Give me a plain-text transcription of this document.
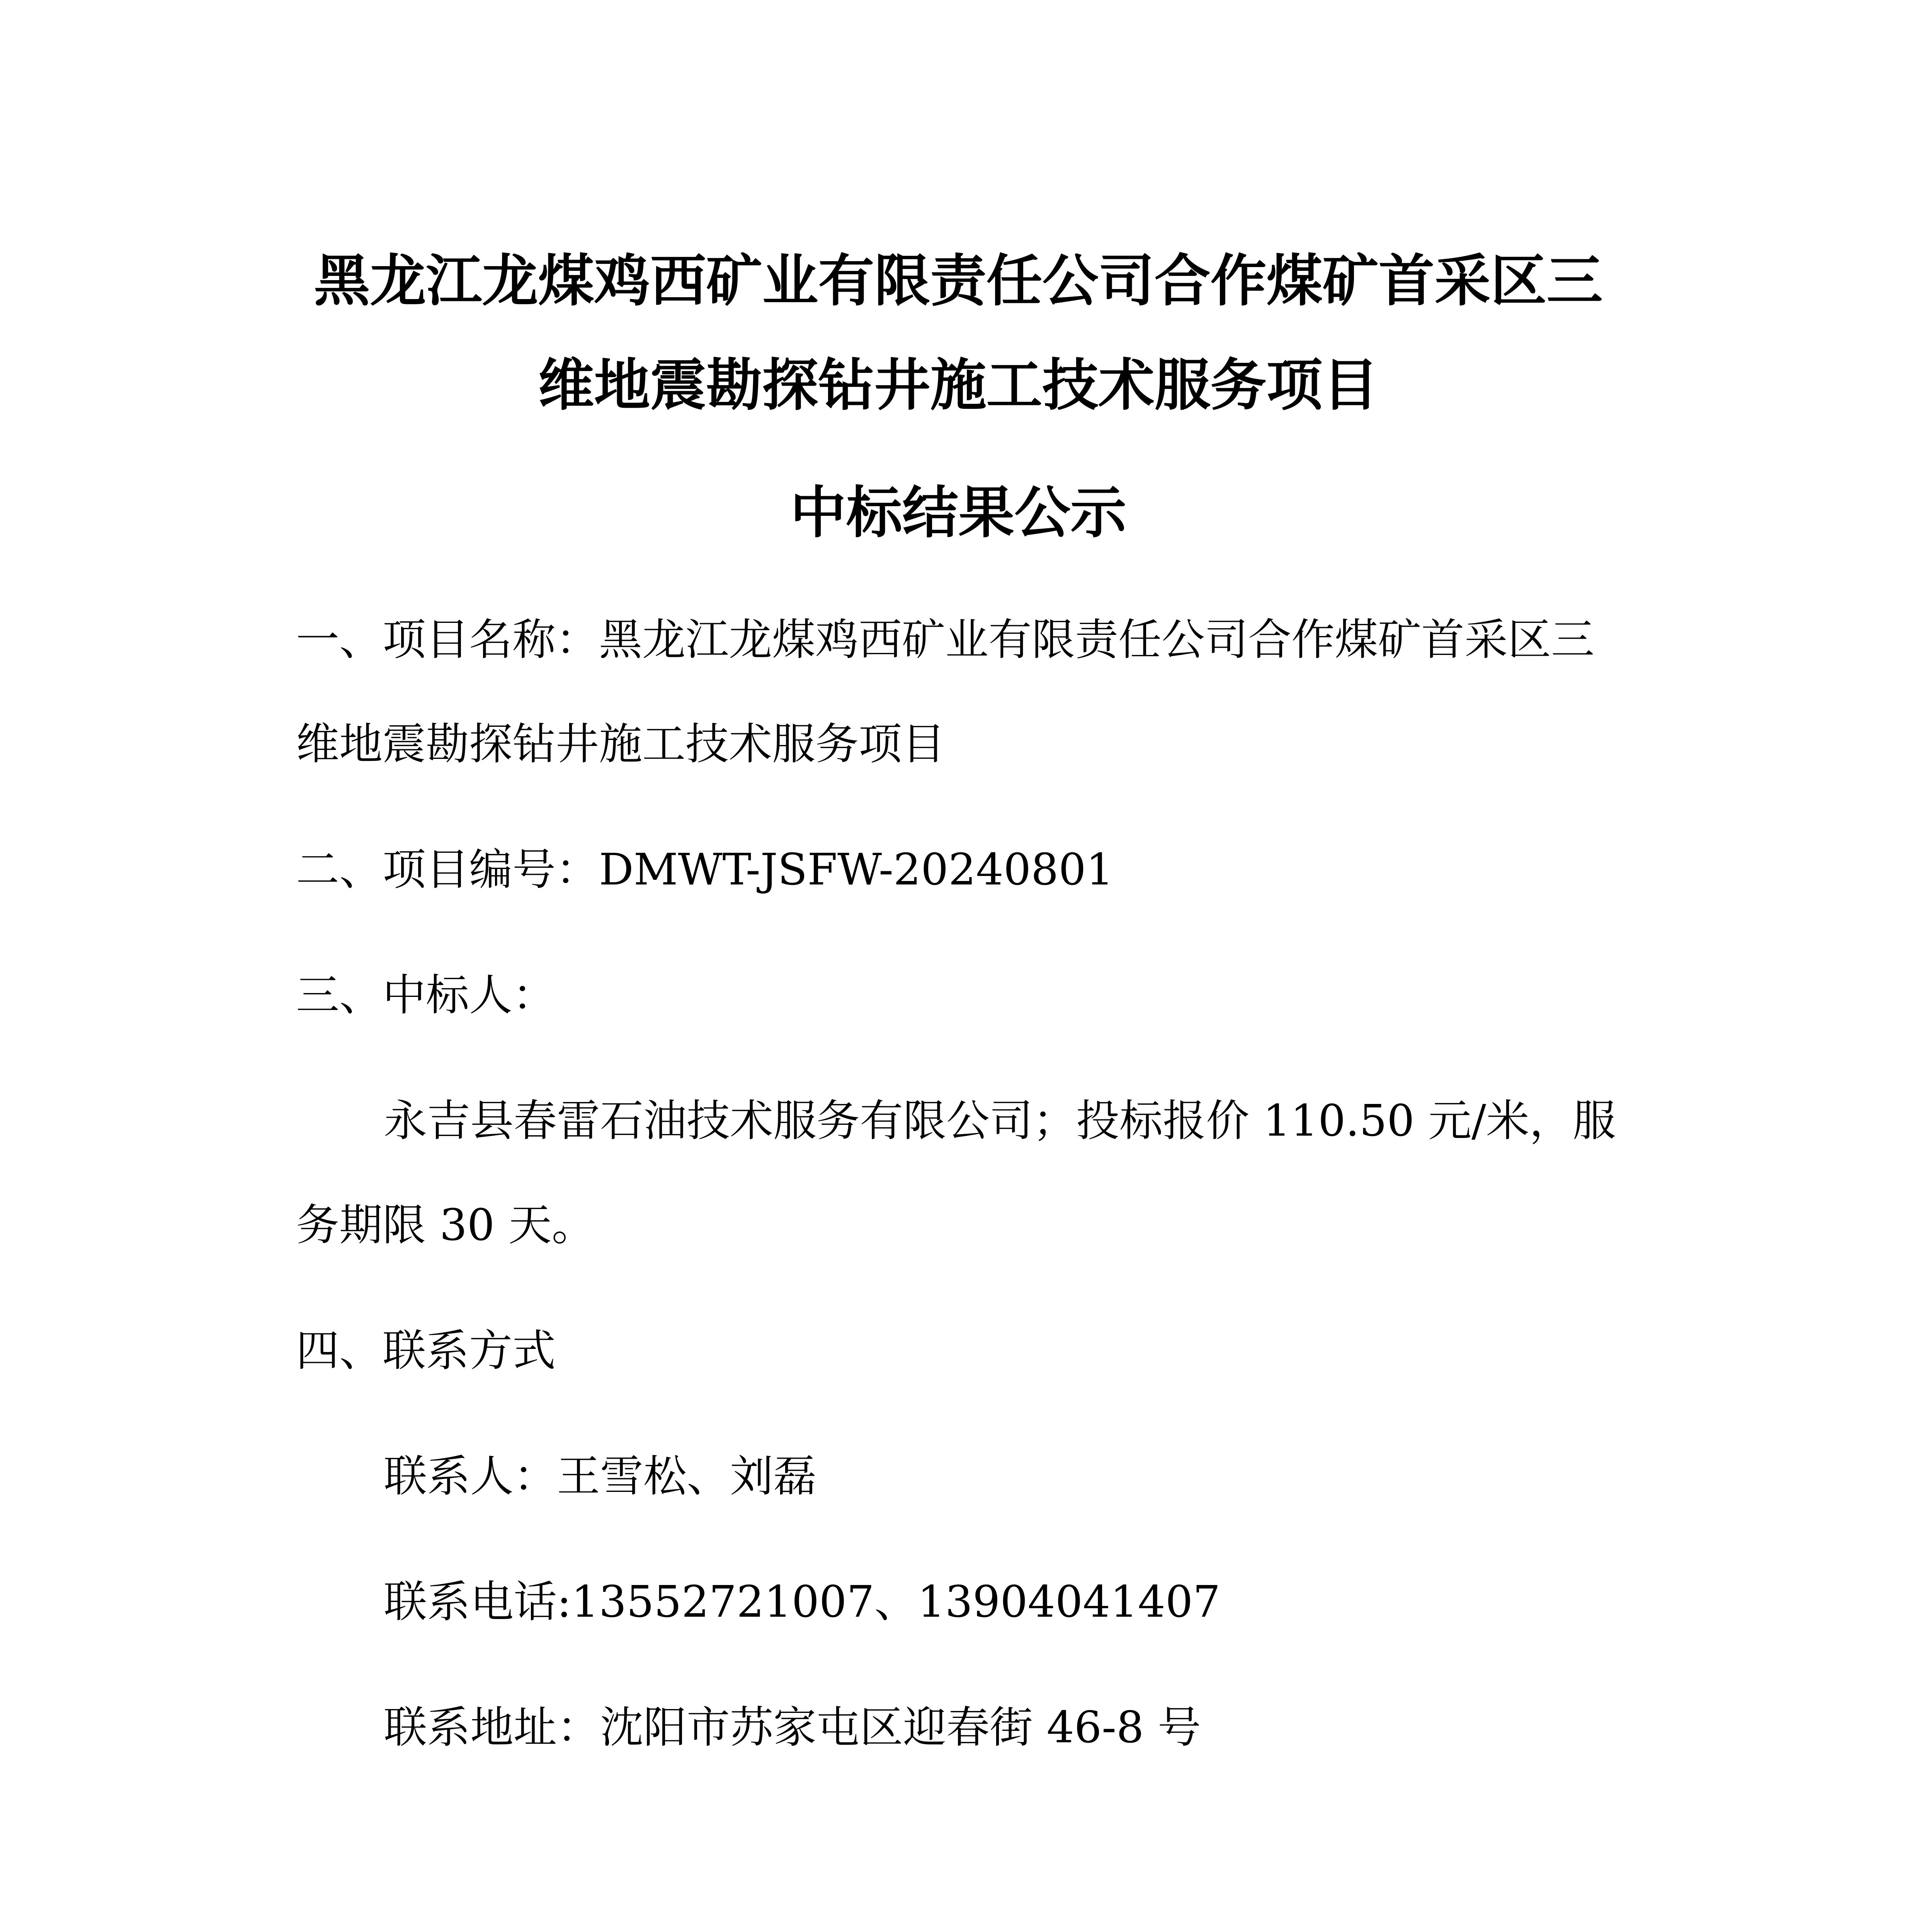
黑龙江龙煤鸡西矿业有限责任公司合作煤矿首采区三
维地震勘探钻井施工技术服务项目
中标结果公示
一、项目名称：黑龙江龙煤鸡西矿业有限责任公司合作煤矿首采区三
维地震勘探钻井施工技术服务项目
二、项目编号：DMWT-JSFW-20240801
三、中标人：
永吉县春雷石油技术服务有限公司；投标报价 110.50 元/米，服
务期限 30 天。
四、联系方式
联系人：王雪松、刘磊
联系电话:13552721007、13904041407
联系地址：沈阳市苏家屯区迎春街 46-8 号
